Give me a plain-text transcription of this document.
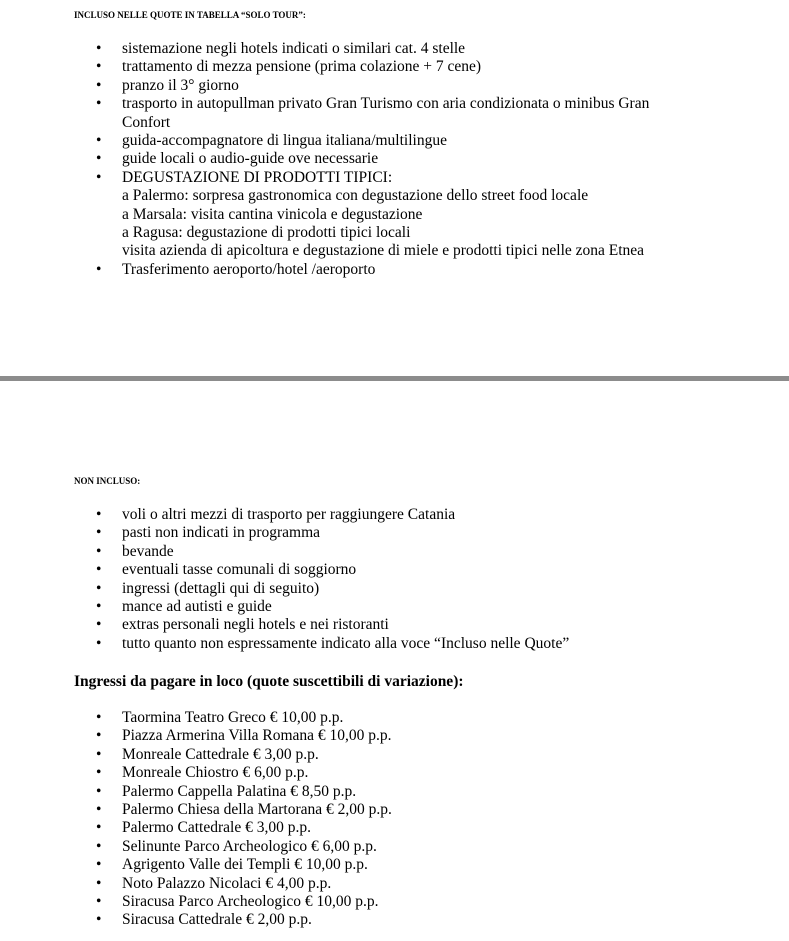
INCLUSO NELLE QUOTE IN TABELLA “SOLO TOUR”:

• sistemazione negli hotels indicati o similari cat. 4 stelle
• trattamento di mezza pensione (prima colazione + 7 cene)
• pranzo il 3° giorno
• trasporto in autopullman privato Gran Turismo con aria condizionata o minibus Gran Confort
• guida-accompagnatore di lingua italiana/multilingue
• guide locali o audio-guide ove necessarie
• DEGUSTAZIONE DI PRODOTTI TIPICI:
a Palermo: sorpresa gastronomica con degustazione dello street food locale
a Marsala: visita cantina vinicola e degustazione
a Ragusa: degustazione di prodotti tipici locali
visita azienda di apicoltura e degustazione di miele e prodotti tipici nelle zona Etnea
• Trasferimento aeroporto/hotel /aeroporto

NON INCLUSO:

• voli o altri mezzi di trasporto per raggiungere Catania
• pasti non indicati in programma
• bevande
• eventuali tasse comunali di soggiorno
• ingressi (dettagli qui di seguito)
• mance ad autisti e guide
• extras personali negli hotels e nei ristoranti
• tutto quanto non espressamente indicato alla voce “Incluso nelle Quote”

Ingressi da pagare in loco (quote suscettibili di variazione):

• Taormina Teatro Greco € 10,00 p.p.
• Piazza Armerina Villa Romana € 10,00 p.p.
• Monreale Cattedrale € 3,00 p.p.
• Monreale Chiostro € 6,00 p.p.
• Palermo Cappella Palatina € 8,50 p.p.
• Palermo Chiesa della Martorana € 2,00 p.p.
• Palermo Cattedrale € 3,00 p.p.
• Selinunte Parco Archeologico € 6,00 p.p.
• Agrigento Valle dei Templi € 10,00 p.p.
• Noto Palazzo Nicolaci € 4,00 p.p.
• Siracusa Parco Archeologico € 10,00 p.p.
• Siracusa Cattedrale € 2,00 p.p.
